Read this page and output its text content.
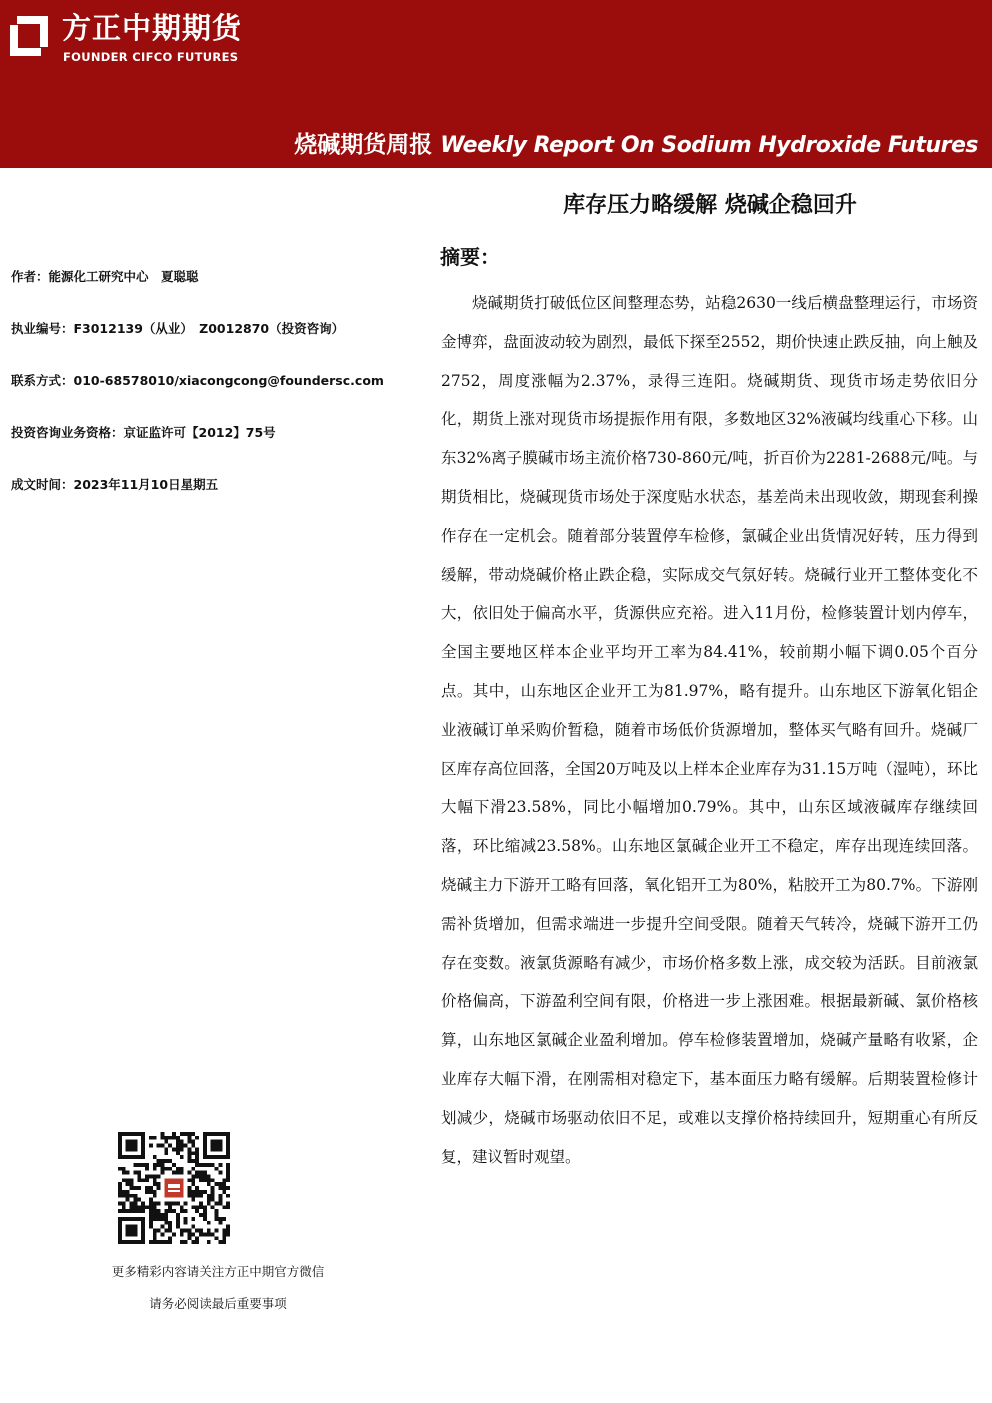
方正中期期货
FOUNDER CIFCO FUTURES
烧碱期货周报 Weekly Report On Sodium Hydroxide Futures
库存压力略缓解 烧碱企稳回升
摘要：

烧碱期货打破低位区间整理态势，站稳2630一线后横盘整理运行，市场资金博弈，盘面波动较为剧烈，最低下探至2552，期价快速止跌反抽，向上触及2752，周度涨幅为2.37%，录得三连阳。烧碱期货、现货市场走势依旧分化，期货上涨对现货市场提振作用有限，多数地区32%液碱均线重心下移。山东32%离子膜碱市场主流价格730-860元/吨，折百价为2281-2688元/吨。与期货相比，烧碱现货市场处于深度贴水状态，基差尚未出现收敛，期现套利操作存在一定机会。随着部分装置停车检修，氯碱企业出货情况好转，压力得到缓解，带动烧碱价格止跌企稳，实际成交气氛好转。烧碱行业开工整体变化不大，依旧处于偏高水平，货源供应充裕。进入11月份，检修装置计划内停车，全国主要地区样本企业平均开工率为84.41%，较前期小幅下调0.05个百分点。其中，山东地区企业开工为81.97%，略有提升。山东地区下游氧化铝企业液碱订单采购价暂稳，随着市场低价货源增加，整体买气略有回升。烧碱厂区库存高位回落，全国20万吨及以上样本企业库存为31.15万吨（湿吨），环比大幅下滑23.58%，同比小幅增加0.79%。其中，山东区域液碱库存继续回落，环比缩减23.58%。山东地区氯碱企业开工不稳定，库存出现连续回落。烧碱主力下游开工略有回落，氧化铝开工为80%，粘胶开工为80.7%。下游刚需补货增加，但需求端进一步提升空间受限。随着天气转冷，烧碱下游开工仍存在变数。液氯货源略有减少，市场价格多数上涨，成交较为活跃。目前液氯价格偏高，下游盈利空间有限，价格进一步上涨困难。根据最新碱、氯价格核算，山东地区氯碱企业盈利增加。停车检修装置增加，烧碱产量略有收紧，企业库存大幅下滑，在刚需相对稳定下，基本面压力略有缓解。后期装置检修计划减少，烧碱市场驱动依旧不足，或难以支撑价格持续回升，短期重心有所反复，建议暂时观望。

作者：能源化工研究中心　夏聪聪
执业编号：F3012139（从业）　Z0012870（投资咨询）
联系方式：010-68578010/xiacongcong@foundersc.com
投资咨询业务资格：京证监许可【2012】75号
成文时间：2023年11月10日星期五
更多精彩内容请关注方正中期官方微信
请务必阅读最后重要事项
